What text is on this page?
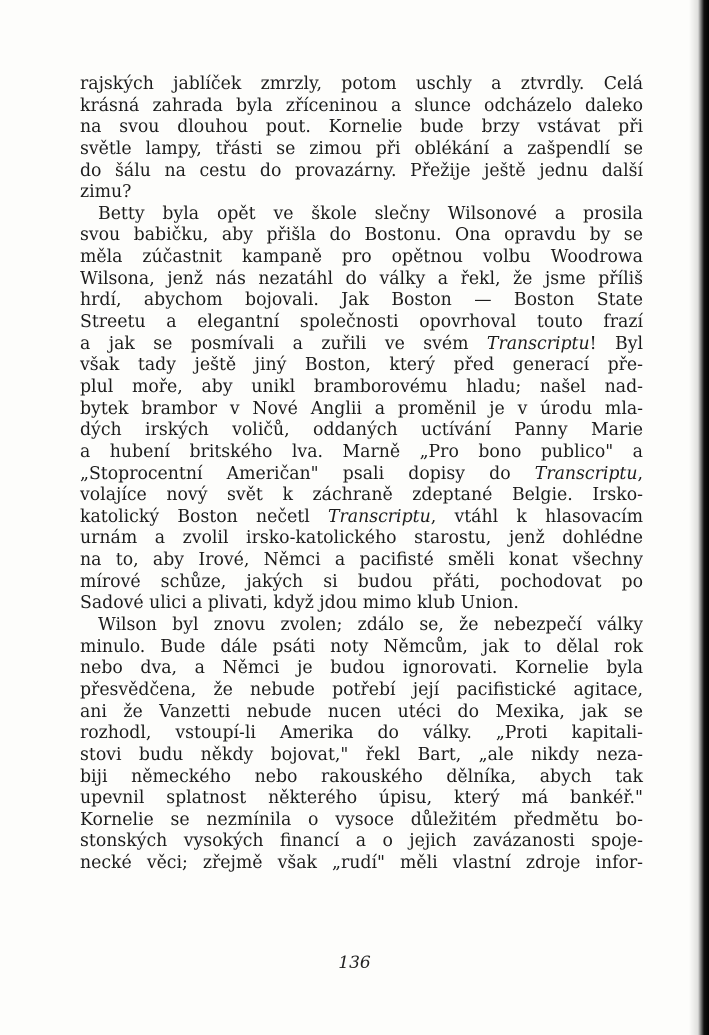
rajských jablíček zmrzly, potom uschly a ztvrdly. Celá
krásná zahrada byla zříceninou a slunce odcházelo daleko
na svou dlouhou pout. Kornelie bude brzy vstávat při
světle lampy, třásti se zimou při oblékání a zašpendlí se
do šálu na cestu do provazárny. Přežije ještě jednu další
zimu?
Betty byla opět ve škole slečny Wilsonové a prosila
svou babičku, aby přišla do Bostonu. Ona opravdu by se
měla zúčastnit kampaně pro opětnou volbu Woodrowa
Wilsona, jenž nás nezatáhl do války a řekl, že jsme příliš
hrdí, abychom bojovali. Jak Boston — Boston State
Streetu a elegantní společnosti opovrhoval touto frazí
a jak se posmívali a zuřili ve svém Transcriptu! Byl
však tady ještě jiný Boston, který před generací pře-
plul moře, aby unikl bramborovému hladu; našel nad-
bytek brambor v Nové Anglii a proměnil je v úrodu mla-
dých irských voličů, oddaných uctívání Panny Marie
a hubení britského lva. Marně „Pro bono publico" a
„Stoprocentní Američan" psali dopisy do Transcriptu,
volajíce nový svět k záchraně zdeptané Belgie. Irsko-
katolický Boston nečetl Transcriptu, vtáhl k hlasovacím
urnám a zvolil irsko-katolického starostu, jenž dohlédne
na to, aby Irové, Němci a pacifisté směli konat všechny
mírové schůze, jakých si budou přáti, pochodovat po
Sadové ulici a plivati, když jdou mimo klub Union.
Wilson byl znovu zvolen; zdálo se, že nebezpečí války
minulo. Bude dále psáti noty Němcům, jak to dělal rok
nebo dva, a Němci je budou ignorovati. Kornelie byla
přesvědčena, že nebude potřebí její pacifistické agitace,
ani že Vanzetti nebude nucen utéci do Mexika, jak se
rozhodl, vstoupí-li Amerika do války. „Proti kapitali-
stovi budu někdy bojovat," řekl Bart, „ale nikdy neza-
biji německého nebo rakouského dělníka, abych tak
upevnil splatnost některého úpisu, který má bankéř."
Kornelie se nezmínila o vysoce důležitém předmětu bo-
stonských vysokých financí a o jejich zavázanosti spoje-
necké věci; zřejmě však „rudí" měli vlastní zdroje infor-
136
